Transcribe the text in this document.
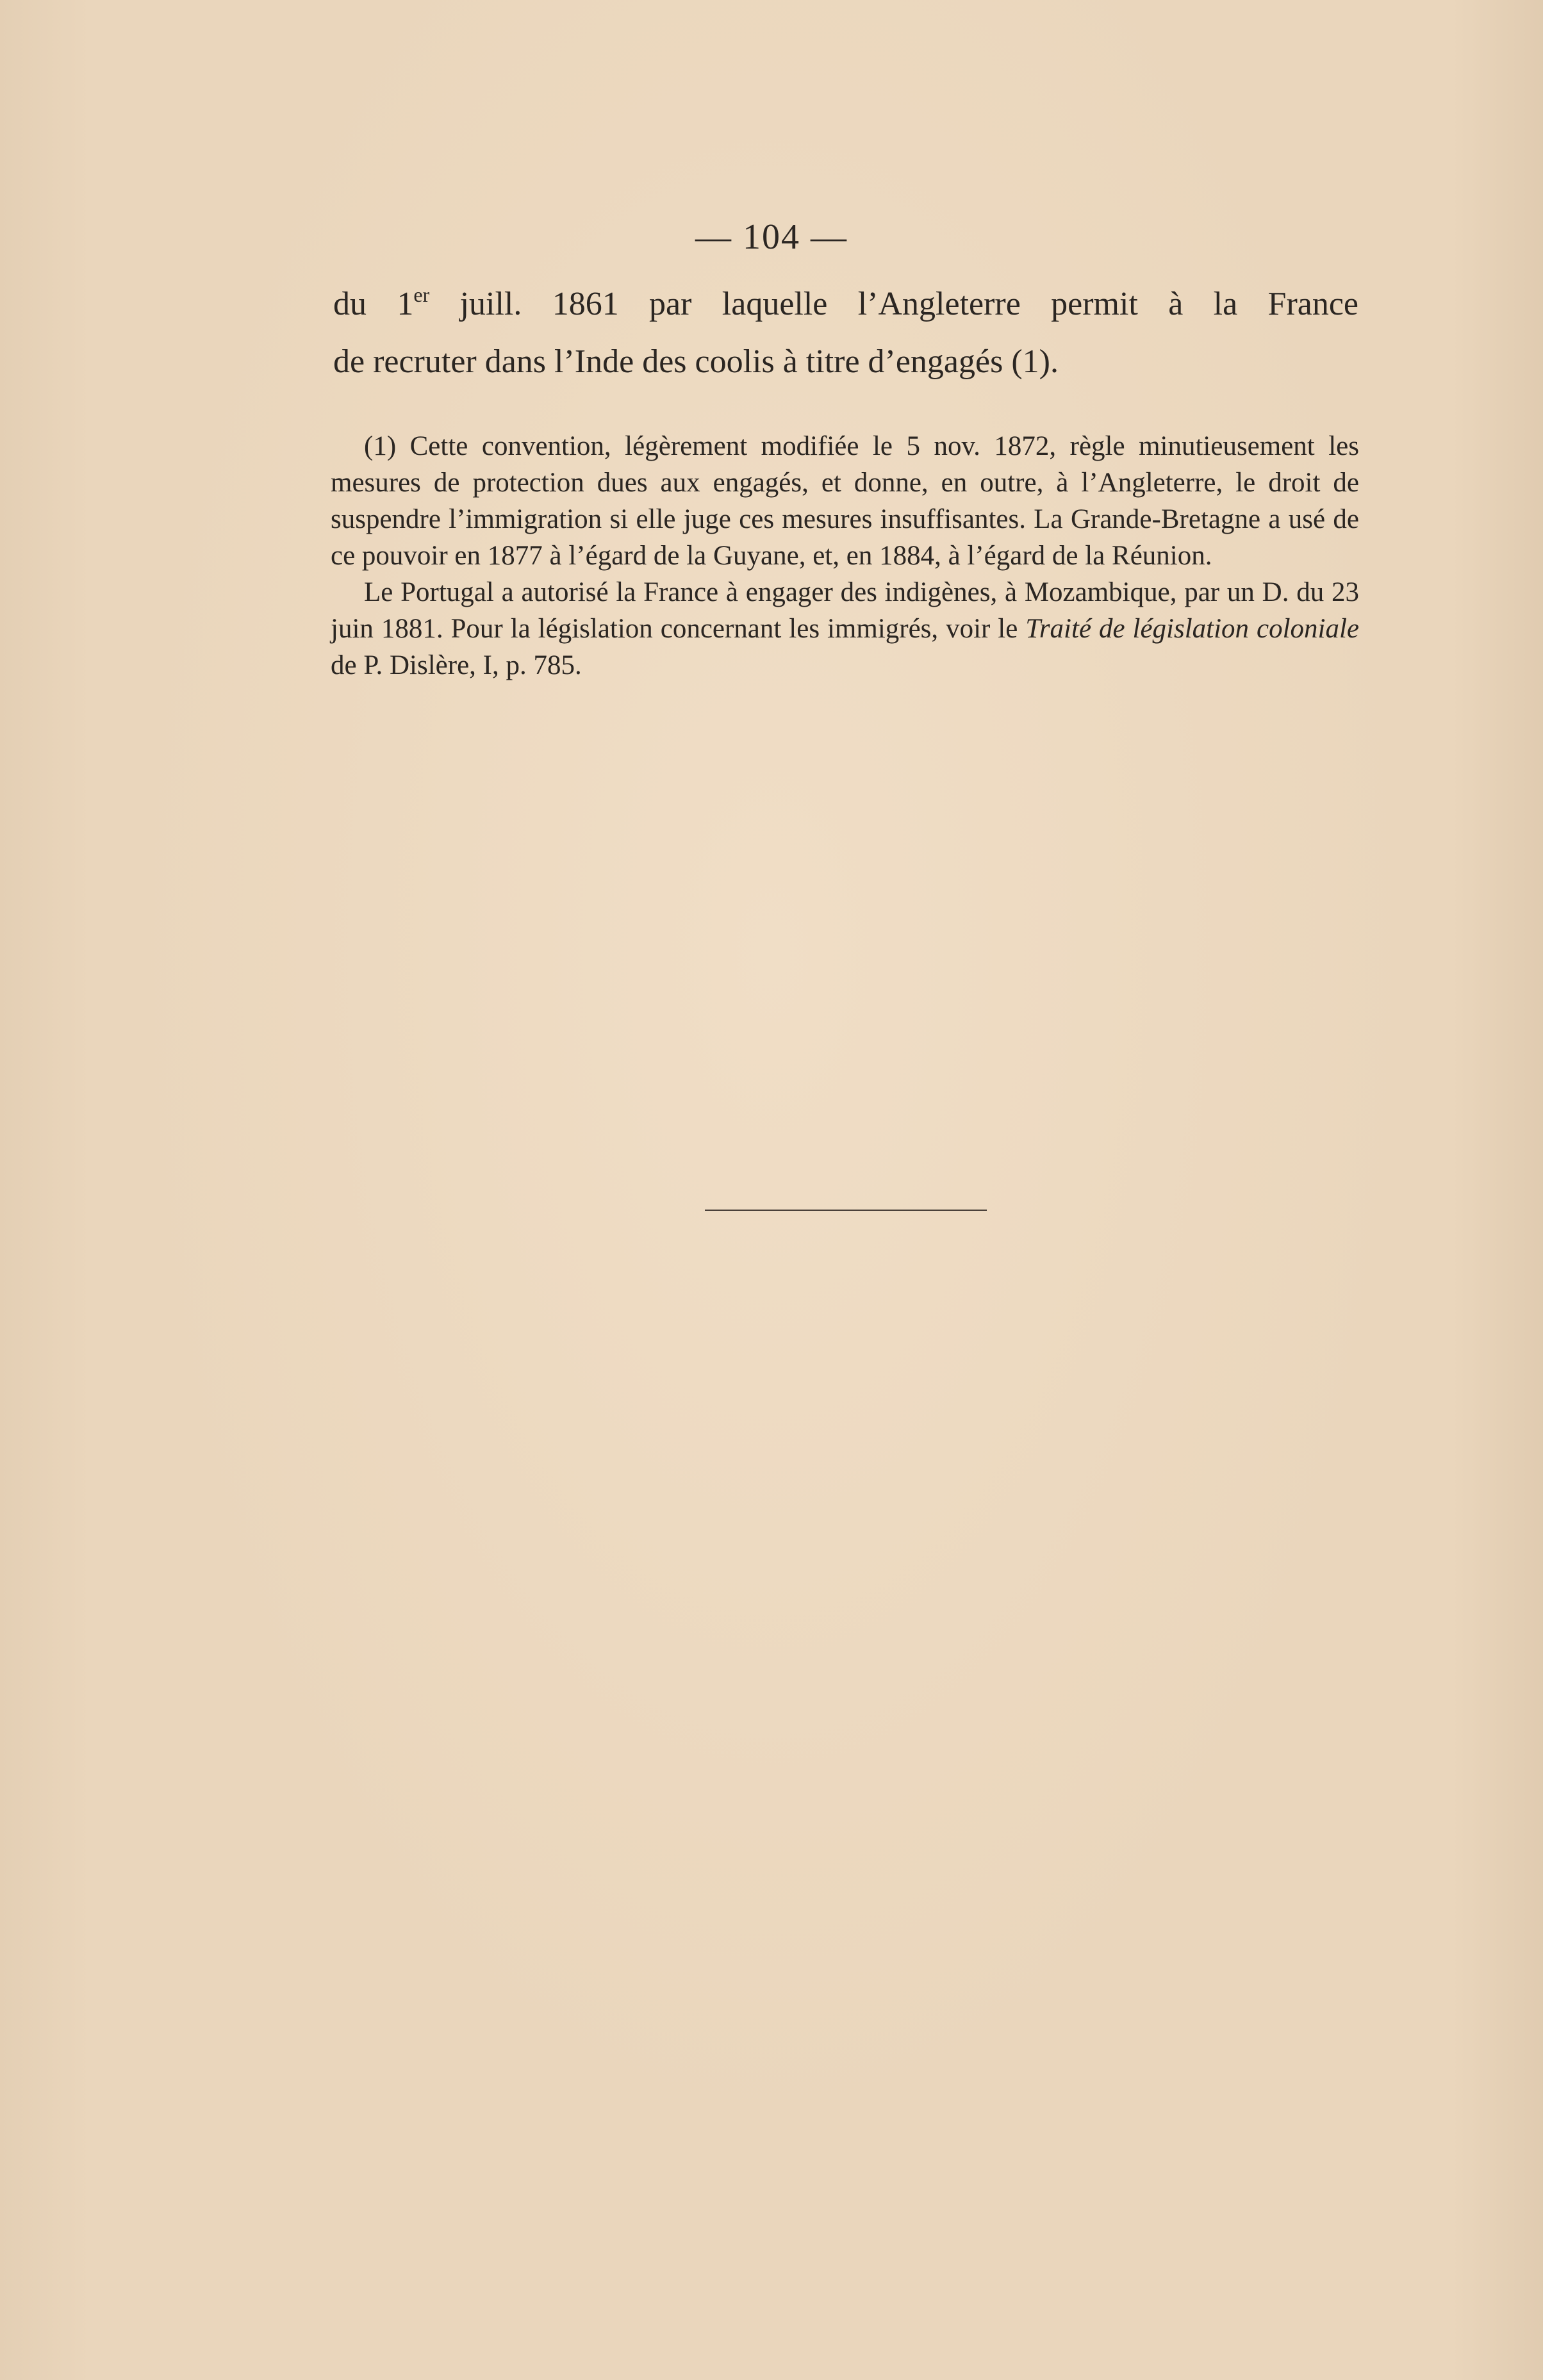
— 104 —
du 1er juill. 1861 par laquelle l’Angleterre permit à la France
de recruter dans l’Inde des coolis à titre d’engagés (1).

(1) Cette convention, légèrement modifiée le 5 nov. 1872, règle minutieusement les mesures de protection dues aux engagés, et donne, en outre, à l’Angleterre, le droit de suspendre l’immigration si elle juge ces mesures insuffisantes. La Grande-Bretagne a usé de ce pouvoir en 1877 à l’égard de la Guyane, et, en 1884, à l’égard de la Réunion.

Le Portugal a autorisé la France à engager des indigènes, à Mozambique, par un D. du 23 juin 1881. Pour la législation concernant les immigrés, voir le Traité de législation coloniale de P. Dislère, I, p. 785.
